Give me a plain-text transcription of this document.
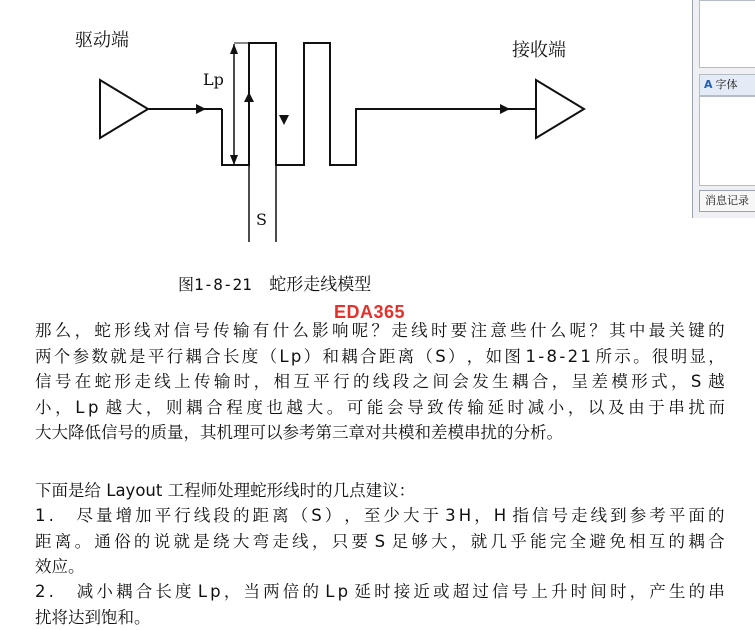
驱动端	接收端
Lp
S
图1-8-21 蛇形走线模型
A 字体
消息记录
EDA365
那 么 ， 蛇 形 线 对 信 号 传 输 有 什 么 影 响 呢 ？ 走 线 时 要 注 意 些 什 么 呢 ？ 其 中 最 关 键 的
两 个 参 数 就 是 平 行 耦 合 长 度 （ L p ） 和 耦 合 距 离 （ S ） ， 如 图 1 - 8 - 2 1 所 示 。 很 明 显 ，
信 号 在 蛇 形 走 线 上 传 输 时 ， 相 互 平 行 的 线 段 之 间 会 发 生 耦 合 ， 呈 差 模 形 式 ， S 越
小 ， L p 越 大 ， 则 耦 合 程 度 也 越 大 。 可 能 会 导 致 传 输 延 时 减 小 ， 以 及 由 于 串 扰 而
大大降低信号的质量，其机理可以参考第三章对共模和差模串扰的分析。
下面是给 Layout 工程师处理蛇形线时的几点建议：
1 .
　 尽 量 增 加 平 行 线 段 的 距 离 （ S ） ， 至 少 大 于 3 H ， H 指 信 号 走 线 到 参 考 平 面 的
距 离 。 通 俗 的 说 就 是 绕 大 弯 走 线 ， 只 要 S 足 够 大 ， 就 几 乎 能 完 全 避 免 相 互 的 耦 合
效应。
2 .
　 减 小 耦 合 长 度 L p ， 当 两 倍 的 L p 延 时 接 近 或 超 过 信 号 上 升 时 间 时 ， 产 生 的 串
扰将达到饱和。
